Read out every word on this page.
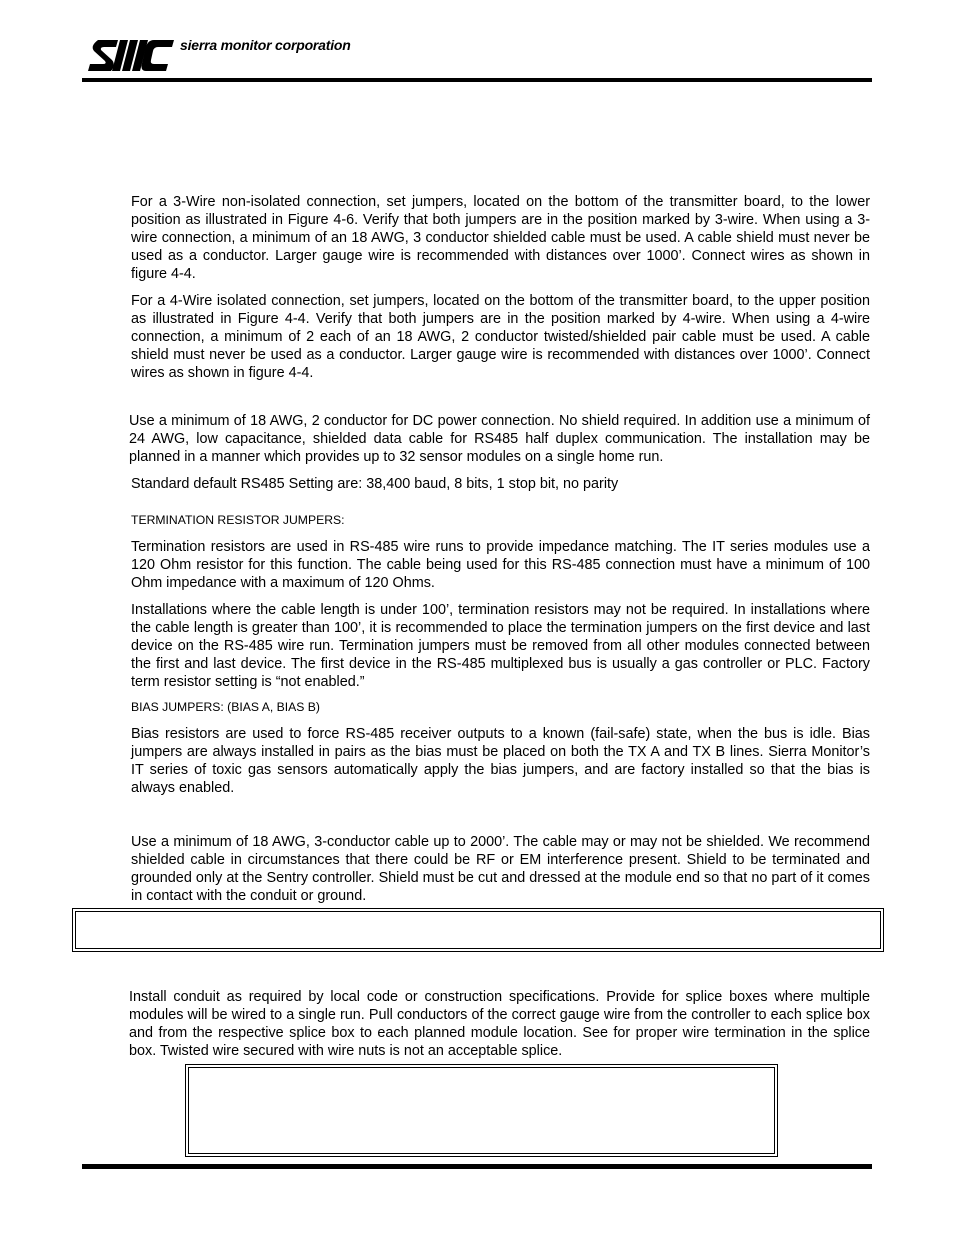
sierra monitor corporation

For a 3-Wire non-isolated connection, set jumpers, located on the bottom of the transmitter board, to the lower position as illustrated in Figure 4-6. Verify that both jumpers are in the position marked by 3-wire. When using a 3-wire connection, a minimum of an 18 AWG, 3 conductor shielded cable must be used. A cable shield must never be used as a conductor. Larger gauge wire is recommended with distances over 1000’. Connect wires as shown in figure 4-4.

For a 4-Wire isolated connection, set jumpers, located on the bottom of the transmitter board, to the upper position as illustrated in Figure 4-4. Verify that both jumpers are in the position marked by 4-wire. When using a 4-wire connection, a minimum of 2 each of an 18 AWG, 2 conductor twisted/shielded pair cable must be used. A cable shield must never be used as a conductor. Larger gauge wire is recommended with distances over 1000’. Connect wires as shown in figure 4-4.

Use a minimum of 18 AWG, 2 conductor for DC power connection. No shield required. In addition use a minimum of 24 AWG, low capacitance, shielded data cable for RS485 half duplex communication. The installation may be planned in a manner which provides up to 32 sensor modules on a single home run.

Standard default RS485 Setting are: 38,400 baud, 8 bits, 1 stop bit, no parity

TERMINATION RESISTOR JUMPERS:

Termination resistors are used in RS-485 wire runs to provide impedance matching. The IT series modules use a 120 Ohm resistor for this function. The cable being used for this RS-485 connection must have a minimum of 100 Ohm impedance with a maximum of 120 Ohms.

Installations where the cable length is under 100’, termination resistors may not be required. In installations where the cable length is greater than 100’, it is recommended to place the termination jumpers on the first device and last device on the RS-485 wire run. Termination jumpers must be removed from all other modules connected between the first and last device. The first device in the RS-485 multiplexed bus is usually a gas controller or PLC. Factory term resistor setting is “not enabled.”

BIAS JUMPERS: (BIAS A, BIAS B)

Bias resistors are used to force RS-485 receiver outputs to a known (fail-safe) state, when the bus is idle. Bias jumpers are always installed in pairs as the bias must be placed on both the TX A and TX B lines. Sierra Monitor’s IT series of toxic gas sensors automatically apply the bias jumpers, and are factory installed so that the bias is always enabled.

Use a minimum of 18 AWG, 3-conductor cable up to 2000’. The cable may or may not be shielded. We recommend shielded cable in circumstances that there could be RF or EM interference present. Shield to be terminated and grounded only at the Sentry controller. Shield must be cut and dressed at the module end so that no part of it comes in contact with the conduit or ground.

Install conduit as required by local code or construction specifications. Provide for splice boxes where multiple modules will be wired to a single run. Pull conductors of the correct gauge wire from the controller to each splice box and from the respective splice box to each planned module location. See for proper wire termination in the splice box. Twisted wire secured with wire nuts is not an acceptable splice.
